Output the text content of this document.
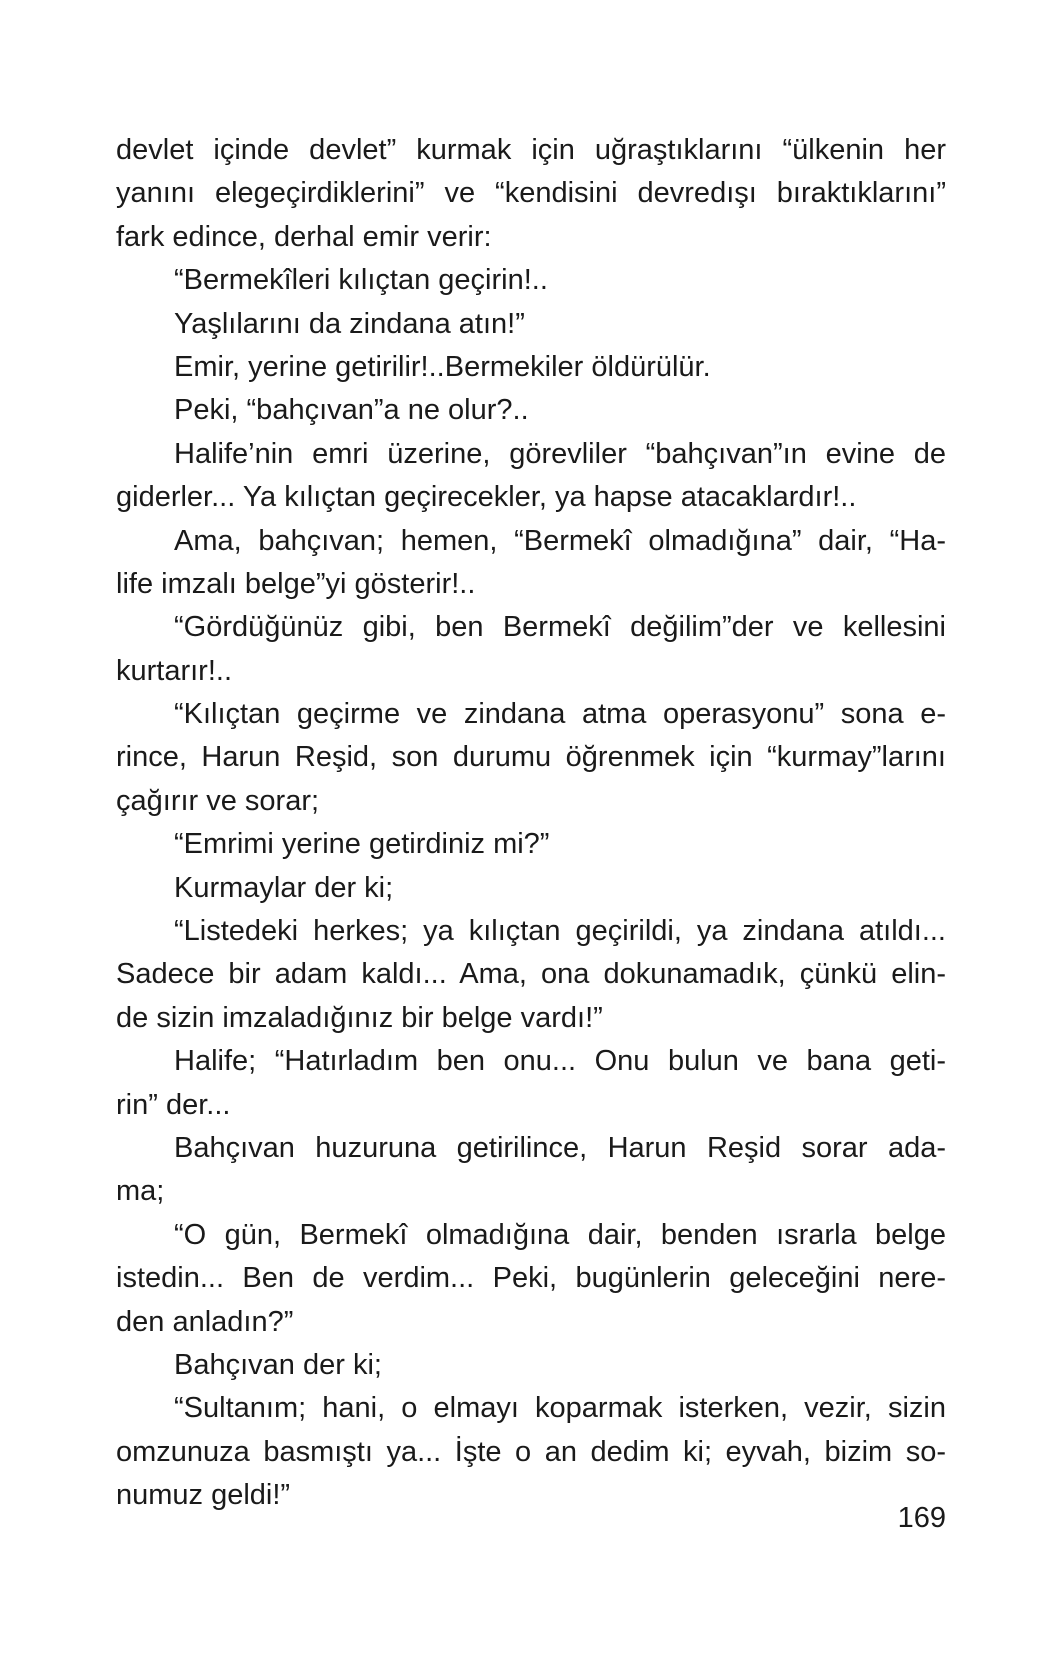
devlet içinde devlet” kurmak için uğraştıklarını “ülkenin her
yanını elegeçirdiklerini” ve “kendisini devredışı bıraktıklarını”
fark edince, derhal emir verir:
“Bermekîleri kılıçtan geçirin!..
Yaşlılarını da zindana atın!”
Emir, yerine getirilir!..Bermekiler öldürülür.
Peki, “bahçıvan”a ne olur?..
Halife’nin emri üzerine, görevliler “bahçıvan”ın evine de
giderler... Ya kılıçtan geçirecekler, ya hapse atacaklardır!..
Ama, bahçıvan; hemen, “Bermekî olmadığına” dair, “Ha-
life imzalı belge”yi gösterir!..
“Gördüğünüz gibi, ben Bermekî değilim”der ve kellesini
kurtarır!..
“Kılıçtan geçirme ve zindana atma operasyonu” sona e-
rince, Harun Reşid, son durumu öğrenmek için “kurmay”larını
çağırır ve sorar;
“Emrimi yerine getirdiniz mi?”
Kurmaylar der ki;
“Listedeki herkes; ya kılıçtan geçirildi, ya zindana atıldı...
Sadece bir adam kaldı... Ama, ona dokunamadık, çünkü elin-
de sizin imzaladığınız bir belge vardı!”
Halife; “Hatırladım ben onu... Onu bulun ve bana geti-
rin” der...
Bahçıvan huzuruna getirilince, Harun Reşid sorar ada-
ma;
“O gün, Bermekî olmadığına dair, benden ısrarla belge
istedin... Ben de verdim... Peki, bugünlerin geleceğini nere-
den anladın?”
Bahçıvan der ki;
“Sultanım; hani, o elmayı koparmak isterken, vezir, sizin
omzunuza basmıştı ya... İşte o an dedim ki; eyvah, bizim so-
numuz geldi!”
169
